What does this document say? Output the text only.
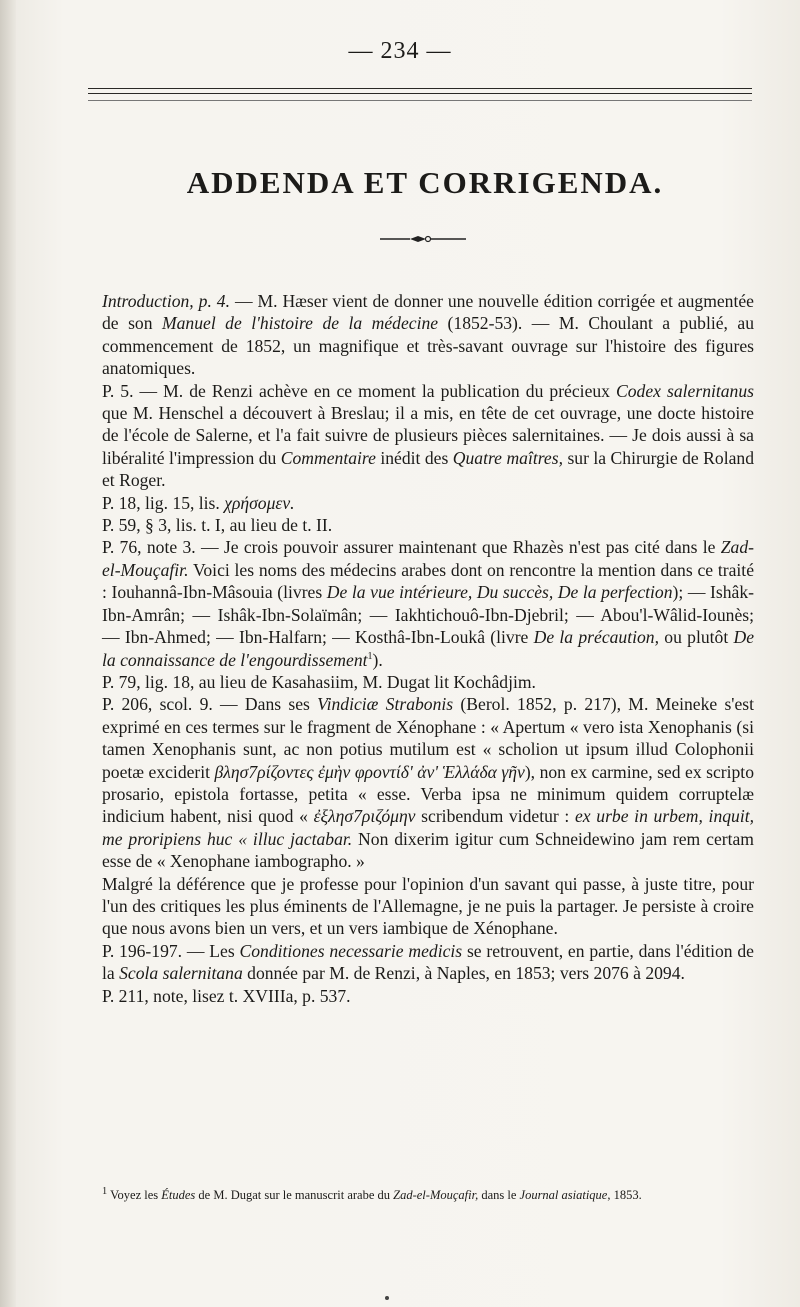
— 234 —
ADDENDA ET CORRIGENDA.

Introduction, p. 4. — M. Hæser vient de donner une nouvelle édition corrigée et augmentée de son Manuel de l'histoire de la médecine (1852-53). — M. Choulant a publié, au commencement de 1852, un magnifique et très-savant ouvrage sur l'histoire des figures anatomiques.

P. 5. — M. de Renzi achève en ce moment la publication du précieux Codex salernitanus que M. Henschel a découvert à Breslau; il a mis, en tête de cet ouvrage, une docte histoire de l'école de Salerne, et l'a fait suivre de plusieurs pièces salernitaines. — Je dois aussi à sa libéralité l'impression du Commentaire inédit des Quatre maîtres, sur la Chirurgie de Roland et Roger.

P. 18, lig. 15, lis. χρήσομεν.

P. 59, § 3, lis. t. I, au lieu de t. II.

P. 76, note 3. — Je crois pouvoir assurer maintenant que Rhazès n'est pas cité dans le Zad-el-Mouçafir. Voici les noms des médecins arabes dont on rencontre la mention dans ce traité : Iouhannâ-Ibn-Mâsouia (livres De la vue intérieure, Du succès, De la perfection); — Ishâk-Ibn-Amrân; — Ishâk-Ibn-Solaïmân; — Iakhtichouô-Ibn-Djebril; — Abou'l-Wâlid-Iounès; — Ibn-Ahmed; — Ibn-Halfarn; — Kosthâ-Ibn-Loukâ (livre De la précaution, ou plutôt De la connaissance de l'engourdissement$^1$).

P. 79, lig. 18, au lieu de Kasahasiim, M. Dugat lit Kochâdjim.

P. 206, scol. 9. — Dans ses Vindiciæ Strabonis (Berol. 1852, p. 217), M. Meineke s'est exprimé en ces termes sur le fragment de Xénophane : « Apertum « vero ista Xenophanis (si tamen Xenophanis sunt, ac non potius mutilum est « scholion ut ipsum illud Colophonii poetæ exciderit βλησ7ρίζοντες ἐμὴν φροντίδ' ἀν' Ἑλλάδα γῆν), non ex carmine, sed ex scripto prosario, epistola fortasse, petita « esse. Verba ipsa ne minimum quidem corruptelæ indicium habent, nisi quod « ἐξλησ7ριζόμην scribendum videtur : ex urbe in urbem, inquit, me proripiens huc « illuc jactabar. Non dixerim igitur cum Schneidewino jam rem certam esse de « Xenophane iambographo. »

Malgré la déférence que je professe pour l'opinion d'un savant qui passe, à juste titre, pour l'un des critiques les plus éminents de l'Allemagne, je ne puis la partager. Je persiste à croire que nous avons bien un vers, et un vers iambique de Xénophane.

P. 196-197. — Les Conditiones necessarie medicis se retrouvent, en partie, dans l'édition de la Scola salernitana donnée par M. de Renzi, à Naples, en 1853; vers 2076 à 2094.

P. 211, note, lisez t. XVIIIa, p. 537.

$^1$ Voyez les Études de M. Dugat sur le manuscrit arabe du Zad-el-Mouçafir, dans le Journal asiatique, 1853.
